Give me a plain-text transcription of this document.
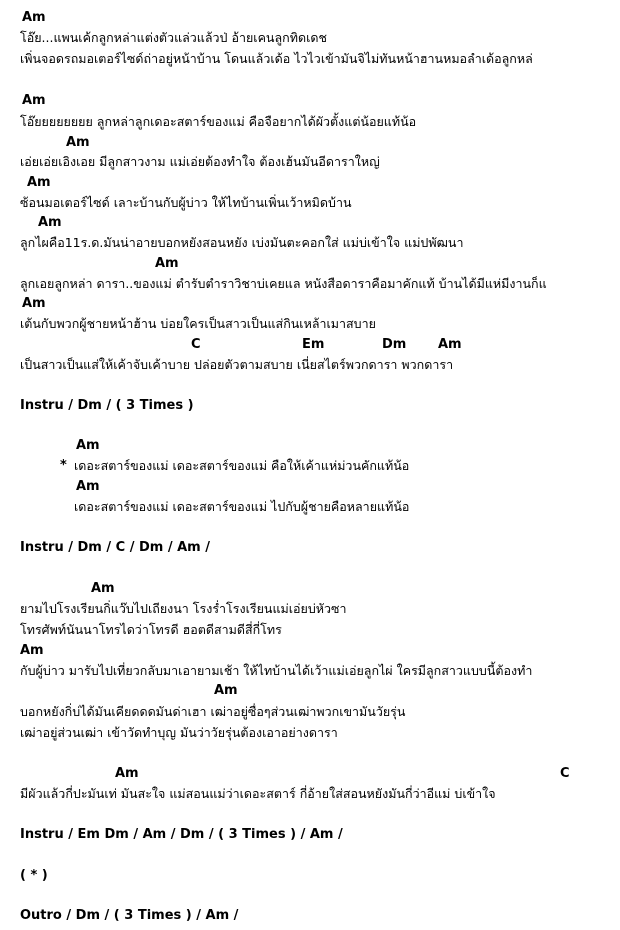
Am
โอ๊ย...แพนเค้กลูกหล่าแต่งตัวแล่วแล้วป่ อ้ายเคนลูกทิดเดช
เพิ่นจอดรถมอเตอร์ไซด์ถ่าอยู่หน้าบ้าน โดนแล้วเด้อ ไวไวเข้ามันจิไม่ทันหน้าฮานหมอลำเด้อลูกหล่
Am
โอ๊ยยยยยยยย ลูกหล่าลูกเดอะสตาร์ของแม่ คือจือยากได้ผัวตั้งแต่น้อยแท้น้อ
Am
เอ่ยเอ่ยเอิงเอย มีลูกสาวงาม แม่เอ่ยต้องทำใจ ต้องเฮ้นมันอีดาราใหญ่
Am
ซ้อนมอเตอร์ไซด์ เลาะบ้านกับผู้บ่าว ให้ไทบ้านเพิ่นเว้าหมิดบ้าน
Am
ลูกไผคือ11ร.ด.มันน่าอายบอกหยังสอนหยัง เบ่งมันตะคอกใส่ แม่บ่เข้าใจ แม่ปพัฒนา
Am
ลูกเอยลูกหล่า ดารา..ของแม่ ตำรับตำราวิชาบ่เคยแล หนังสือดาราคือมาคักแท้ บ้านได้มีแห่มีงานก็แ
Am
เต้นกับพวกผู้ชายหน้าฮ้าน บ่อยใครเป็นสาวเป็นแส่กินเหล้าเมาสบาย
C	Em	Dm Am
เป็นสาวเป็นแส่ให้เค้าจับเค้าบาย ปล่อยตัวตามสบาย เนี่ยสไตร์พวกดารา พวกดารา
Instru / Dm / ( 3 Times )
Am
* เดอะสตาร์ของแม่ เดอะสตาร์ของแม่ คือให้เค้าแห่ม่วนคักแท้น้อ
Am
เดอะสตาร์ของแม่ เดอะสตาร์ของแม่ ไปกับผู้ชายคือหลายแท้น้อ
Instru / Dm / C / Dm / Am /
Am
ยามไปโรงเรียนกิ่แว๊บไปเถียงนา โรงร่ำโรงเรียนแม่เอ่ยบ่หัวซา
โทรศัพท์นันนาโทรไดว่าโทรดี ฮอตดีสามดีสี่กี่โทร
Am
กับผู้บ่าว มารับไปเที่ยวกลับมาเอายามเช้า ให้ไทบ้านได้เว้าแม่เอ่ยลูกไผ่ ใครมีลูกสาวแบบนี้ต้องทำ
Am
บอกหยังกิ่บ่ได้มันเคียดดดมันด่าเฮา เฒ่าอยู่ซื่อๆส่วนเฒ่าพวกเขามันวัยรุ่น
เฒ่าอยู่ส่วนเฒ่า เข้าวัดทำบุญ มันว่าวัยรุ่นต้องเอาอย่างดารา
Am	C
มีผัวแล้วกี่ปะมันเท่ มันสะใจ แม่สอนแม่ว่าเดอะสตาร์ กี่อ้ายใส่สอนหยังมันกี่ว่าอีแม่ บ่เข้าใจ
Instru / Em Dm / Am / Dm / ( 3 Times ) / Am /
( * )
Outro / Dm / ( 3 Times ) / Am /
